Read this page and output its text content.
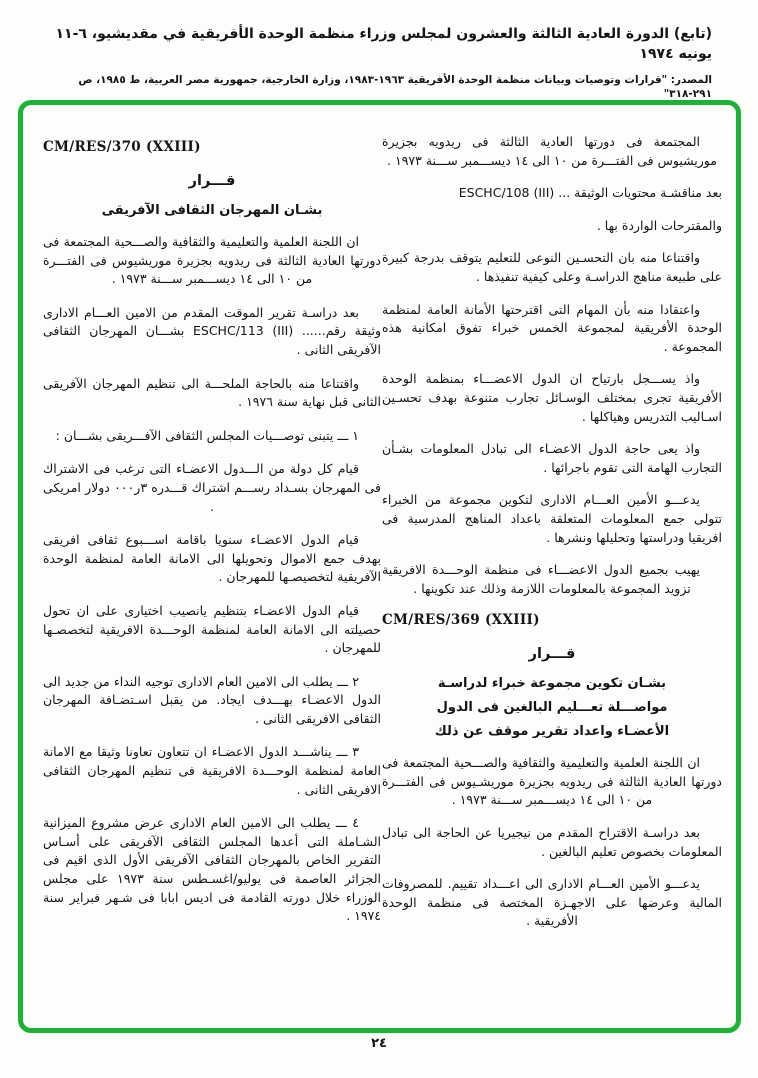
(تابع) الدورة العادية الثالثة والعشرون لمجلس وزراء منظمة الوحدة الأفريقية في مقديشيو، ٦-١١ يونيه ١٩٧٤
المصدر: "قرارات وتوصيات وبيانات منظمة الوحدة الأفريقية ١٩٦٣-١٩٨٣، وزارة الخارجية، جمهورية مصر العربية، ط ١٩٨٥، ص ٢٩١-٣١٨"
CM/RES/370 (XXIII)
قـــرار
بشـان المهرجان الثقافى الآفريقى

ان اللجنة العلمية والتعليمية والثقافية والصـــحية المجتمعة فى دورتها العادية الثالثة فى ريدويه بجزيرة موريشيوس فى الفتـــرة من ١٠ الى ١٤ ديســـمبر ســـنة ١٩٧٣ .

بعد دراسـة تقرير الموقت المقدم من الامين العـــام الادارى وثيقة رقم...... ESCHC/113 (III) بشـــان المهرجان الثقافى الآفريقى الثانى .

واقتناعا منه بالحاجة الملحـــة الى تنظيم المهرجان الآفريقى الثانى قبل نهاية سنة ١٩٧٦ .

١ ـــ يتبنى توصـــيات المجلس الثقافى الآفـــريقى بشـــان :

قيام كل دولة من الـــدول الاعضـاء التى ترغب فى الاشتراك فى المهرجان بسـداد رســـم اشتراك قـــدره ٣ر٠٠٠ دولار امريكى .

قيام الدول الاعضـاء سنويا باقامة اســـبوع ثقافى افريقى بهدف جمع الاموال وتحويلها الى الامانة العامة لمنظمة الوحدة الآفريقية لتخصيصـها للمهرجان .

قيام الدول الاعضـاء بتنظيم يانصيب اختيارى على ان تحول حصيلته الى الامانة العامة لمنظمة الوحـــدة الافريقية لتخصصـها للمهرجان .

٢ ـــ يطلب الى الامين العام الادارى توجيه النداء من جديد الى الدول الاعضـاء بهـــدف ايجاد. من يقبل اسـتضـافة المهرجان الثقافى الافريقى الثانى .

٣ ـــ يناشـــد الدول الاعضـاء ان تتعاون تعاونا وثيقا مع الامانة العامة لمنظمة الوحـــدة الافريقية فى تنظيم المهرجان الثقافى الافريقى الثانى .

٤ ـــ يطلب الى الامين العام الادارى عرض مشروع الميزانية الشـاملة التى أعدها المجلس الثقافى الآفريقى على أسـاس التقرير الخاص بالمهرجان الثقافى الآفريقى الأول الذى اقيم فى الجزائر العاصمة فى يوليو/اغسـطس سنة ١٩٧٣ على مجلس الوزراء خلال دورته القادمة فى اديس ابابا فى شـهر فبراير سنة ١٩٧٤ .

المجتمعة فى دورتها العادية الثالثة فى ريدويه بجزيرة موريشيوس فى الفتـــرة من ١٠ الى ١٤ ديســـمبر ســـنة ١٩٧٣ .

بعد مناقشـة محتويات الوثيقة ... ESCHC/108 (III)

والمقترحات الواردة بها .

واقتناعا منه بان التحسـين النوعى للتعليم يتوقف بدرجة كبيرة على طبيعة مناهج الدراسـة وعلى كيفية تنفيذها .

واعتقادا منه بأن المهام التى اقترحتها الأمانة العامة لمنظمة الوحدة الأفريقية لمجموعة الخمس خبراء تفوق امكانية هذه المجموعة .

واذ يســـجل بارتياح ان الدول الاعضـــاء بمنظمة الوحدة الأفريقية تجرى بمختلف الوسـائل تجارب متنوعة بهدف تحسـين اسـاليب التدريس وهياكلها .

واذ يعى حاجة الدول الاعضـاء الى تبادل المعلومات بشـأن التجارب الهامة التى تقوم باجرائها .

يدعـــو الأمين العـــام الادارى لتكوين مجموعة من الخبراء تتولى جمع المعلومات المتعلقة باعداد المناهج المدرسية فى افريقيا ودراستها وتحليلها ونشرها .

يهيب بجميع الدول الاعضـــاء فى منظمة الوحـــدة الافريقية تزويد المجموعة بالمعلومات اللازمة وذلك عند تكوينها .

CM/RES/369 (XXIII)
قـــرار
بشـان تكوين مجموعة خبراء لدراسـة
مواصـــلة تعـــليم البالغين فى الدول
الأعضـاء واعداد تقرير موقف عن ذلك

ان اللجنة العلمية والتعليمية والثقافية والصـــحية المجتمعة فى دورتها العادية الثالثة فى ريدويه بجزيرة موريشـيوس فى الفتـــرة من ١٠ الى ١٤ ديســـمبر ســـنة ١٩٧٣ .

بعد دراسـة الاقتراح المقدم من نيجيريا عن الحاجة الى تبادل المعلومات بخصوص تعليم البالغين .

يدعـــو الأمين العـــام الادارى الى اعـــداد تقييم. للمصروفات المالية وعرضها على الاجهـزة المختصة فى منظمة الوحدة الأفريقية .

٢٤
